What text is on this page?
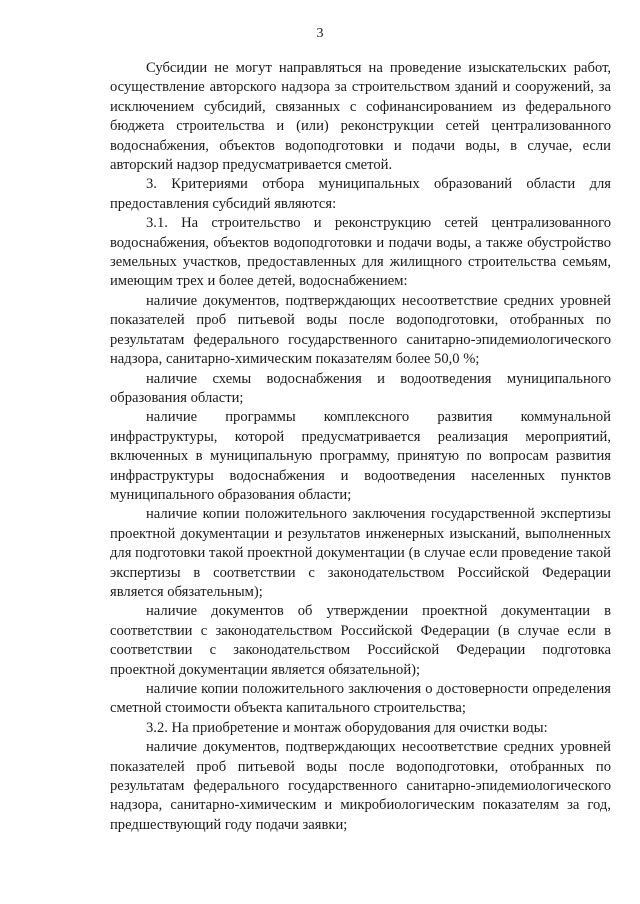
3

Субсидии не могут направляться на проведение изыскательских работ, осуществление авторского надзора за строительством зданий и сооружений, за исключением субсидий, связанных с софинансированием из федерального бюджета строительства и (или) реконструкции сетей централизованного водоснабжения, объектов водоподготовки и подачи воды, в случае, если авторский надзор предусматривается сметой.

3. Критериями отбора муниципальных образований области для предоставления субсидий являются:

3.1. На строительство и реконструкцию сетей централизованного водоснабжения, объектов водоподготовки и подачи воды, а также обустройство земельных участков, предоставленных для жилищного строительства семьям, имеющим трех и более детей, водоснабжением:

наличие документов, подтверждающих несоответствие средних уровней показателей проб питьевой воды после водоподготовки, отобранных по результатам федерального государственного санитарно-эпидемиологического надзора, санитарно-химическим показателям более 50,0 %;

наличие схемы водоснабжения и водоотведения муниципального образования области;

наличие программы комплексного развития коммунальной инфраструктуры, которой предусматривается реализация мероприятий, включенных в муниципальную программу, принятую по вопросам развития инфраструктуры водоснабжения и водоотведения населенных пунктов муниципального образования области;

наличие копии положительного заключения государственной экспертизы проектной документации и результатов инженерных изысканий, выполненных для подготовки такой проектной документации (в случае если проведение такой экспертизы в соответствии с законодательством Российской Федерации является обязательным);

наличие документов об утверждении проектной документации в соответствии с законодательством Российской Федерации (в случае если в соответствии с законодательством Российской Федерации подготовка проектной документации является обязательной);

наличие копии положительного заключения о достоверности определения сметной стоимости объекта капитального строительства;

3.2. На приобретение и монтаж оборудования для очистки воды:

наличие документов, подтверждающих несоответствие средних уровней показателей проб питьевой воды после водоподготовки, отобранных по результатам федерального государственного санитарно-эпидемиологического надзора, санитарно-химическим и микробиологическим показателям за год, предшествующий году подачи заявки;
